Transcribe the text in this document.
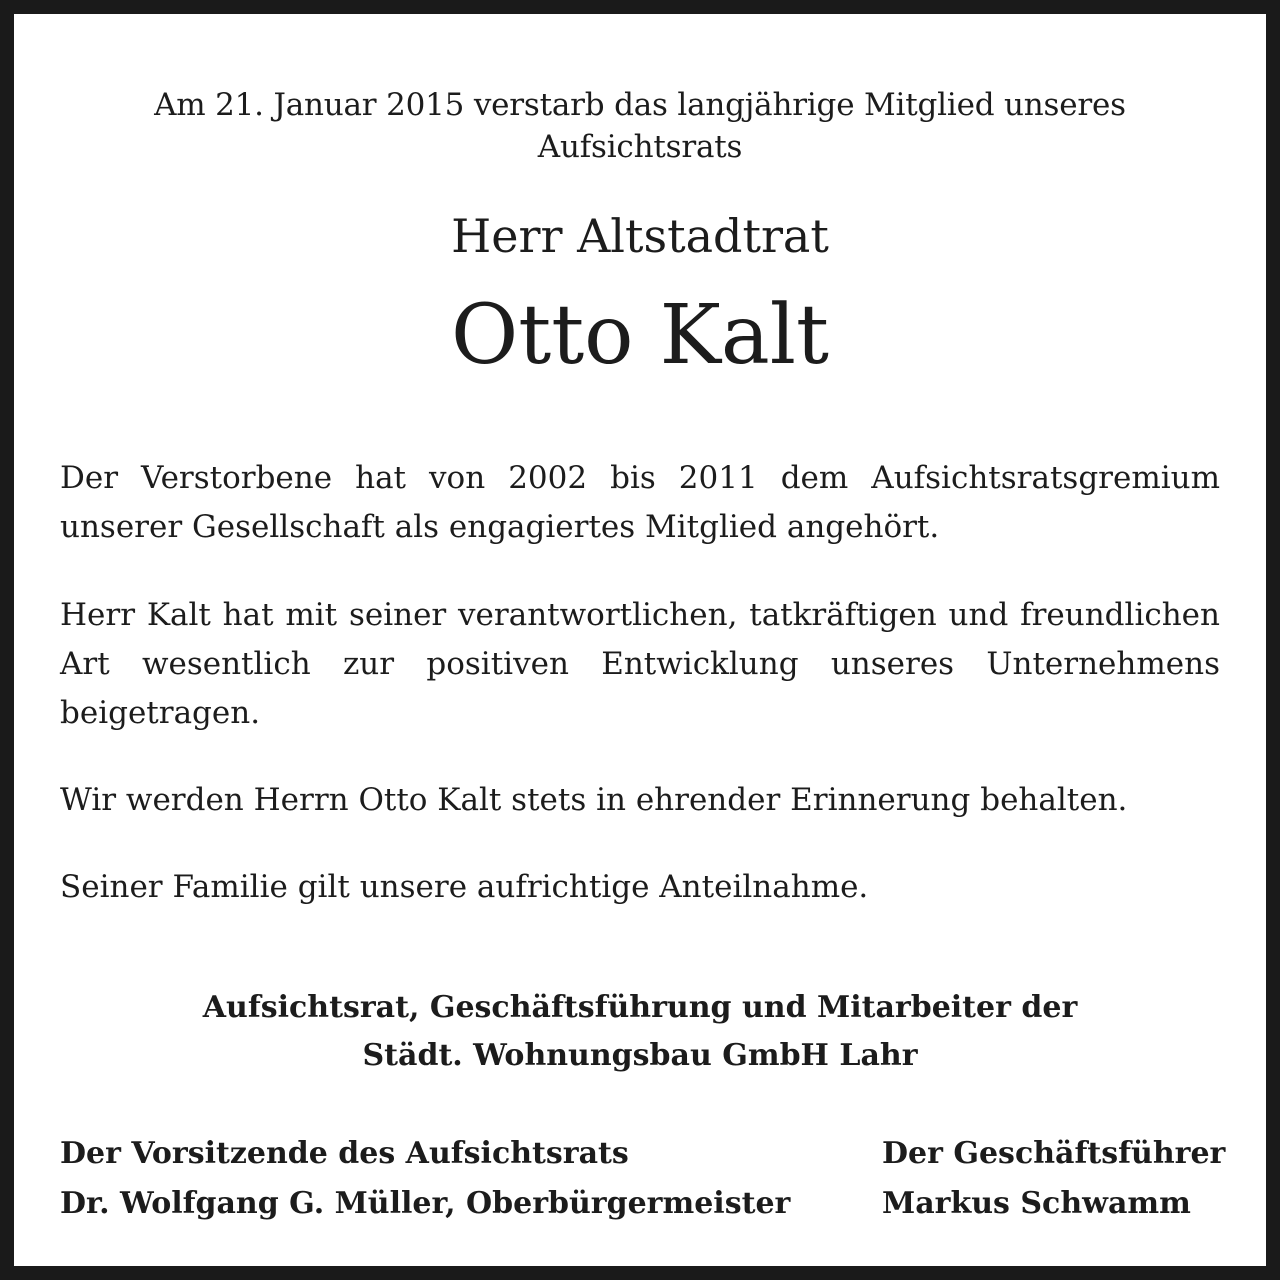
Am 21. Januar 2015 verstarb das langjährige Mitglied unseres Aufsichtsrats

Herr Altstadtrat

Otto Kalt

Der Verstorbene hat von 2002 bis 2011 dem Aufsichtsratsgremium unserer Gesellschaft als engagiertes Mitglied angehört.

Herr Kalt hat mit seiner verantwortlichen, tatkräftigen und freundlichen Art wesentlich zur positiven Entwicklung unseres Unternehmens beigetragen.

Wir werden Herrn Otto Kalt stets in ehrender Erinnerung behalten.

Seiner Familie gilt unsere aufrichtige Anteilnahme.

Aufsichtsrat, Geschäftsführung und Mitarbeiter der
Städt. Wohnungsbau GmbH Lahr
Der Vorsitzende des Aufsichtsrats
Dr. Wolfgang G. Müller, Oberbürgermeister
Der Geschäftsführer
Markus Schwamm
